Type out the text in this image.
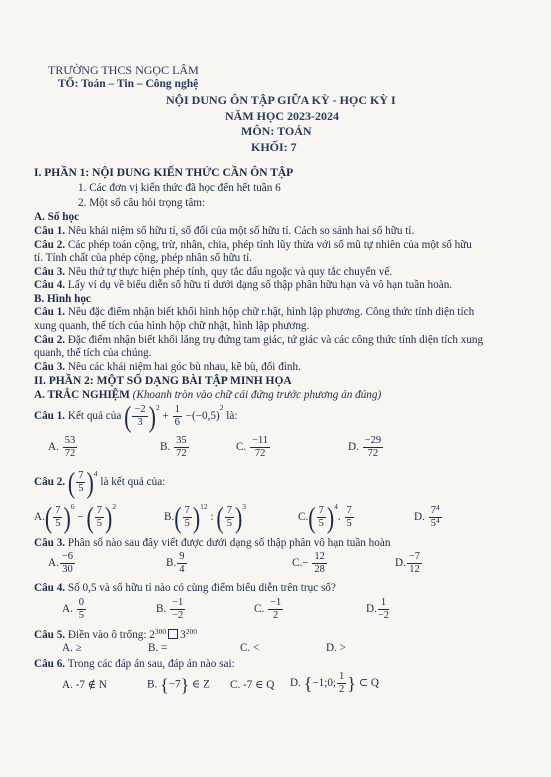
TRƯỜNG THCS NGỌC LÂM
TỔ: Toán – Tin – Công nghệ
NỘI DUNG ÔN TẬP GIỮA KỲ - HỌC KỲ I
NĂM HỌC 2023-2024
MÔN: TOÁN
KHỐI: 7
I. PHẦN 1: NỘI DUNG KIẾN THỨC CẦN ÔN TẬP
1. Các đơn vị kiến thức đã học đến hết tuần 6
2. Một số câu hỏi trọng tâm:
A. Số học
Câu 1. Nêu khái niệm số hữu tỉ, số đối của một số hữu tỉ. Cách so sánh hai số hữu tỉ.
Câu 2. Các phép toán cộng, trừ, nhân, chia, phép tính lũy thừa với số mũ tự nhiên của một số hữu
tỉ. Tính chất của phép cộng, phép nhân số hữu tỉ.
Câu 3. Nêu thứ tự thực hiện phép tính, quy tắc dấu ngoặc và quy tắc chuyển vế.
Câu 4. Lấy ví dụ về biểu diễn số hữu tỉ dưới dạng số thập phân hữu hạn và vô hạn tuần hoàn.
B. Hình học
Câu 1. Nêu đặc điểm nhận biết khối hình hộp chữ r.hật, hình lập phương. Công thức tính diện tích
xung quanh, thể tích của hình hộp chữ nhật, hình lập phương.
Câu 2. Đặc điểm nhận biết khối lăng trụ đứng tam giác, tứ giác và các công thức tính diện tích xung
quanh, thể tích của chúng.
Câu 3. Nêu các khái niệm hai góc bù nhau, kề bù, đối đỉnh.
II. PHẦN 2: MỘT SỐ DẠNG BÀI TẬP MINH HỌA
A. TRẮC NGHIỆM (Khoanh tròn vào chữ cái đứng trước phương án đúng)
Câu 1. Kết quả của ( $\frac{-2}{3} )^2 + \frac{1}{6} -(-0,5)^2$ là:
A. $\frac{53}{72}$	B. $\frac{35}{72}$	C. $\frac{-11}{72}$	D. $\frac{-29}{72}$
Câu 2. ( $\frac{7}{5} )^4$ là kết quả của:
$A.( \frac{7}{5} )^6$ − ( $\frac{7}{5} )^2$
$B.( \frac{7}{5} )^{12}$ : ( $\frac{7}{5} )^3$
$C.( \frac{7}{5} )^4$. $\frac{7}{5}$	D. $\frac{7^4}{5^4}$
Câu 3. Phân số nào sau đây viết được dưới dạng số thập phân vô hạn tuần hoàn
A. $\frac{-6}{30}$	B. $\frac{9}{4}$	$C.- \frac{12}{28}$	D. $\frac{-7}{12}$
Câu 4. Số 0,5 và số hữu tỉ nào có cùng điểm biểu diễn trên trục số?
A. $\frac{0}{5}$	B. $\frac{-1}{-2}$	C. $\frac{-1}{2}$	D. $\frac{1}{-2}$
Câu 5. Điền vào ô trống: $2^{300}$ $3^{200}$
A. ≥	B. =	C. <	D. >
Câu 6. Trong các đáp án sau, đáp án nào sai:
A. -7 ∉ N	B. {−7} ∈ Z C. -7 ∈ Q D. {−1;0; $\frac{1}{2}$ } ⊂ Q
